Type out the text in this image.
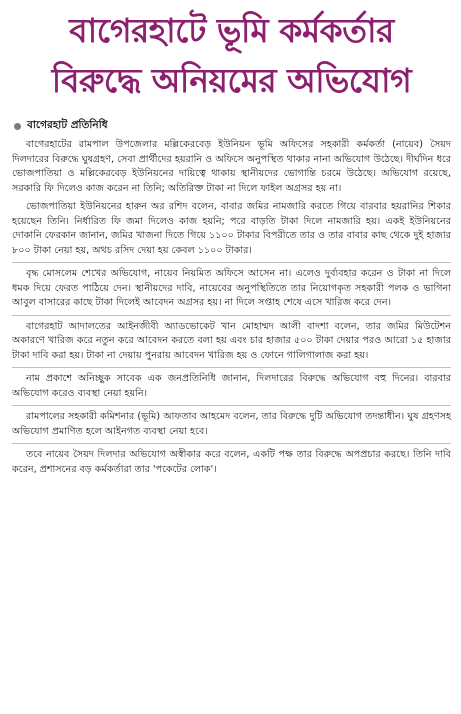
বাগেরহাটে ভূমি কর্মকর্তার
বিরুদ্ধে অনিয়মের অভিযোগ
বাগেরহাট প্রতিনিধি

বাগেরহাটের রামপাল উপজেলার মল্লিকেরবেড় ইউনিয়ন ভূমি অফিসের সহকারী কর্মকর্তা (নায়েব) সৈয়দ দিলদারের বিরুদ্ধে ঘুষগ্রহণ, সেবা প্রার্থীদের হয়রানি ও অফিসে অনুপস্থিত থাকার নানা অভিযোগ উঠেছে। দীর্ঘদিন ধরে ভোজপাতিয়া ও মল্লিকেরবেড় ইউনিয়নের দায়িত্বে থাকায় স্থানীয়দের ভোগান্তি চরমে উঠেছে। অভিযোগ রয়েছে, সরকারি ফি দিলেও কাজ করেন না তিনি; অতিরিক্ত টাকা না দিলে ফাইল অগ্রসর হয় না।

ভোজপাতিয়া ইউনিয়নের হারুন অর রশিদ বলেন, বাবার জমির নামজারি করতে গিয়ে বারবার হয়রানির শিকার হয়েছেন তিনি। নির্ধারিত ফি জমা দিলেও কাজ হয়নি; পরে বাড়তি টাকা দিলে নামজারি হয়। একই ইউনিয়নের দোকানি ফেরকান জানান, জমির খাজনা দিতে গিয়ে ১১০০ টাকার বিপরীতে তার ও তার বাবার কাছ থেকে দুই হাজার ৮০০ টাকা নেয়া হয়, অথচ রসিদ দেয়া হয় কেবল ১১০০ টাকার।

বৃদ্ধ মোসলেম শেখের অভিযোগ, নায়েব নিয়মিত অফিসে আসেন না। এলেও দুর্ব্যবহার করেন ও টাকা না দিলে ধমক দিয়ে ফেরত পাঠিয়ে দেন। স্থানীয়দের দাবি, নায়েবের অনুপস্থিতিতে তার নিয়োগকৃত সহকারী পলক ও ভাগিনা আবুল বাসারের কাছে টাকা দিলেই আবেদন অগ্রসর হয়। না দিলে সপ্তাহ শেষে এসে খারিজ করে দেন।

বাগেরহাট আদালতের আইনজীবী অ্যাডভোকেট খান মোহাম্মদ আলী বাদশা বলেন, তার জমির মিউটেশন অকারণে খারিজ করে নতুন করে আবেদন করতে বলা হয় এবং চার হাজার ৫০০ টাকা দেয়ার পরও আরো ১৫ হাজার টাকা দাবি করা হয়। টাকা না দেয়ায় পুনরায় আবেদন খারিজ হয় ও ফোনে গালিগালাজ করা হয়।

নাম প্রকাশে অনিচ্ছুক সাবেক এক জনপ্রতিনিধি জানান, দিলদারের বিরুদ্ধে অভিযোগ বহু দিনের। বারবার অভিযোগ করেও ব্যবস্থা নেয়া হয়নি।

রামপালের সহকারী কমিশনার (ভূমি) আফতাব আহমেদ বলেন, তার বিরুদ্ধে দুটি অভিযোগ তদন্তাধীন। ঘুষ গ্রহণসহ অভিযোগ প্রমাণিত হলে আইনগত ব্যবস্থা নেয়া হবে।

তবে নায়েব সৈয়দ দিলদার অভিযোগ অস্বীকার করে বলেন, একটি পক্ষ তার বিরুদ্ধে অপপ্রচার করছে। তিনি দাবি করেন, প্রশাসনের বড় কর্মকর্তারা তার 'পকেটের লোক'।
